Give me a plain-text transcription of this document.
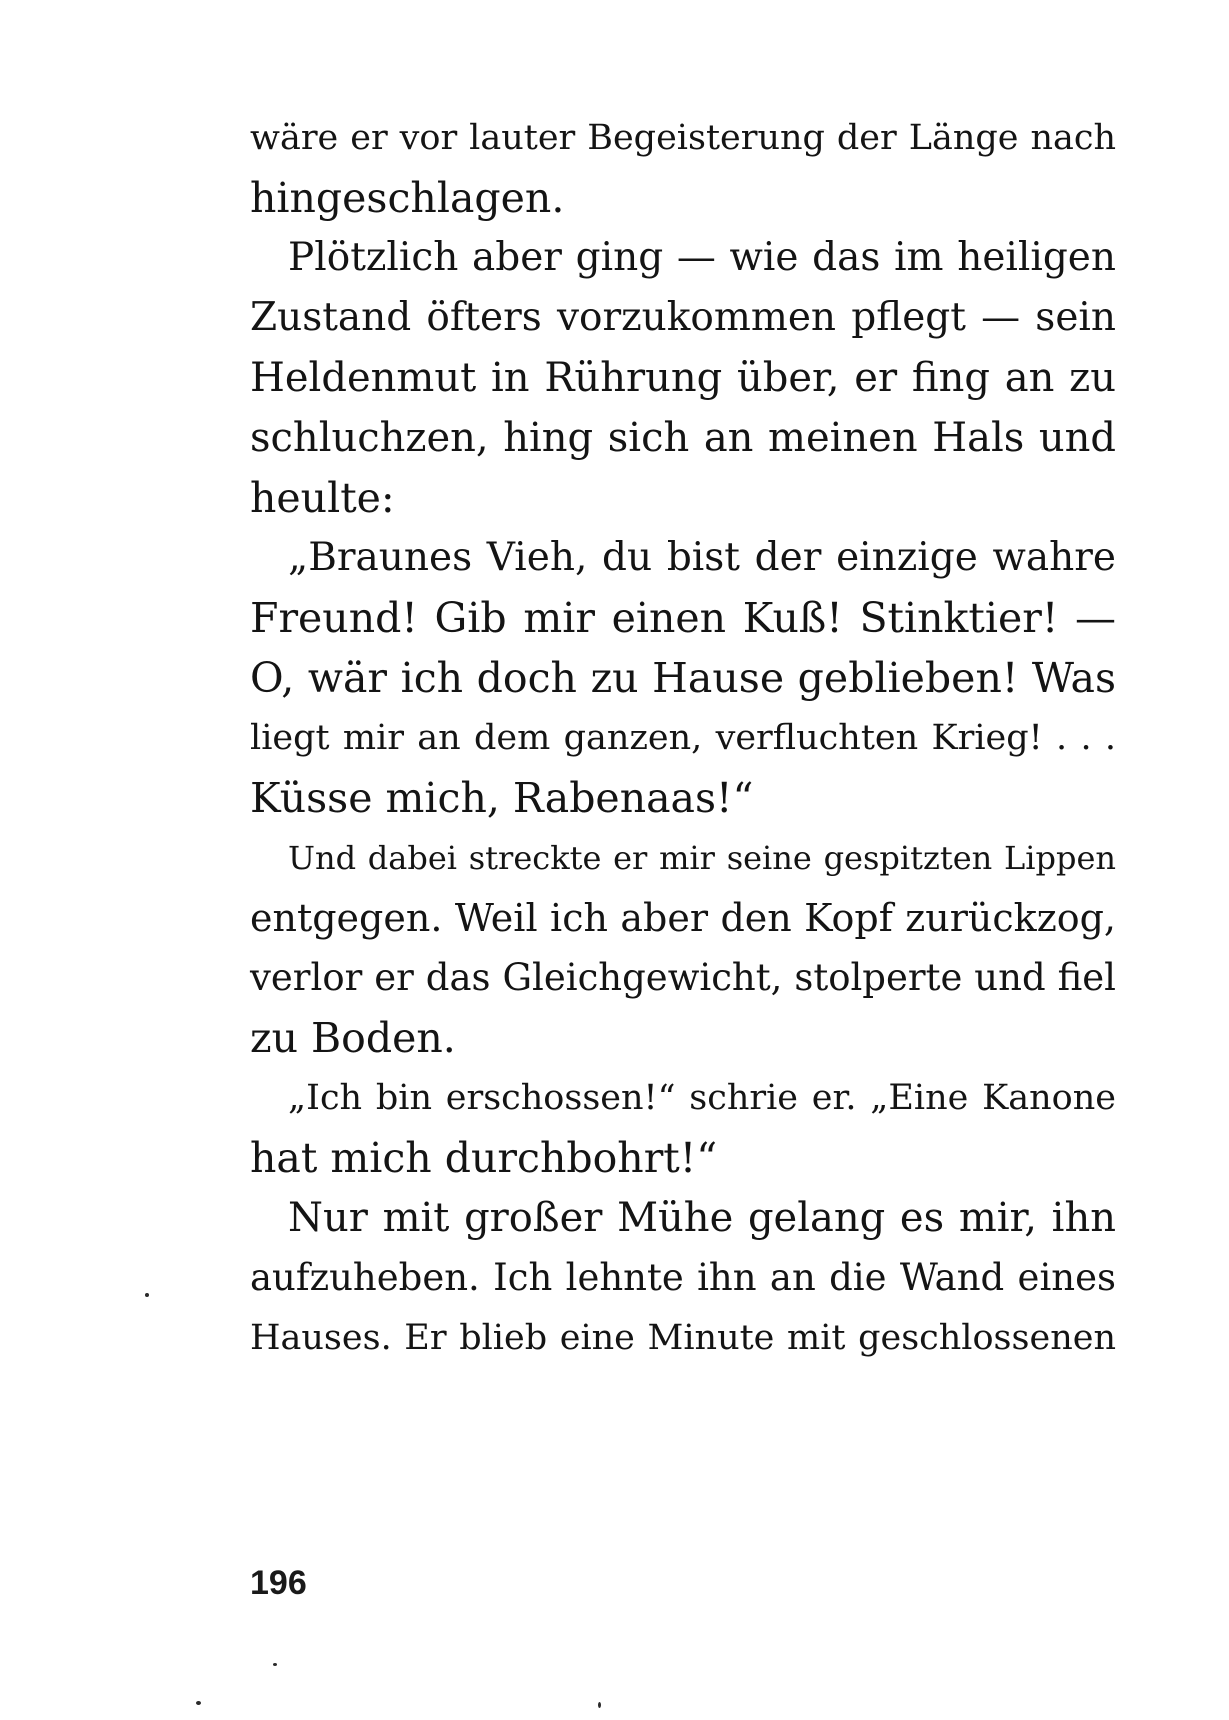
wäre er vor lauter Begeisterung der Länge nach
hingeschlagen.
Plötzlich aber ging — wie das im heiligen
Zustand öfters vorzukommen pflegt — sein
Heldenmut in Rührung über, er fing an zu
schluchzen, hing sich an meinen Hals und
heulte:
„Braunes Vieh, du bist der einzige wahre
Freund! Gib mir einen Kuß! Stinktier! —
O, wär ich doch zu Hause geblieben! Was
liegt mir an dem ganzen, verfluchten Krieg! . . .
Küsse mich, Rabenaas!“
Und dabei streckte er mir seine gespitzten Lippen
entgegen. Weil ich aber den Kopf zurückzog,
verlor er das Gleichgewicht, stolperte und fiel
zu Boden.
„Ich bin erschossen!“ schrie er. „Eine Kanone
hat mich durchbohrt!“
Nur mit großer Mühe gelang es mir, ihn
aufzuheben. Ich lehnte ihn an die Wand eines
Hauses. Er blieb eine Minute mit geschlossenen
196
